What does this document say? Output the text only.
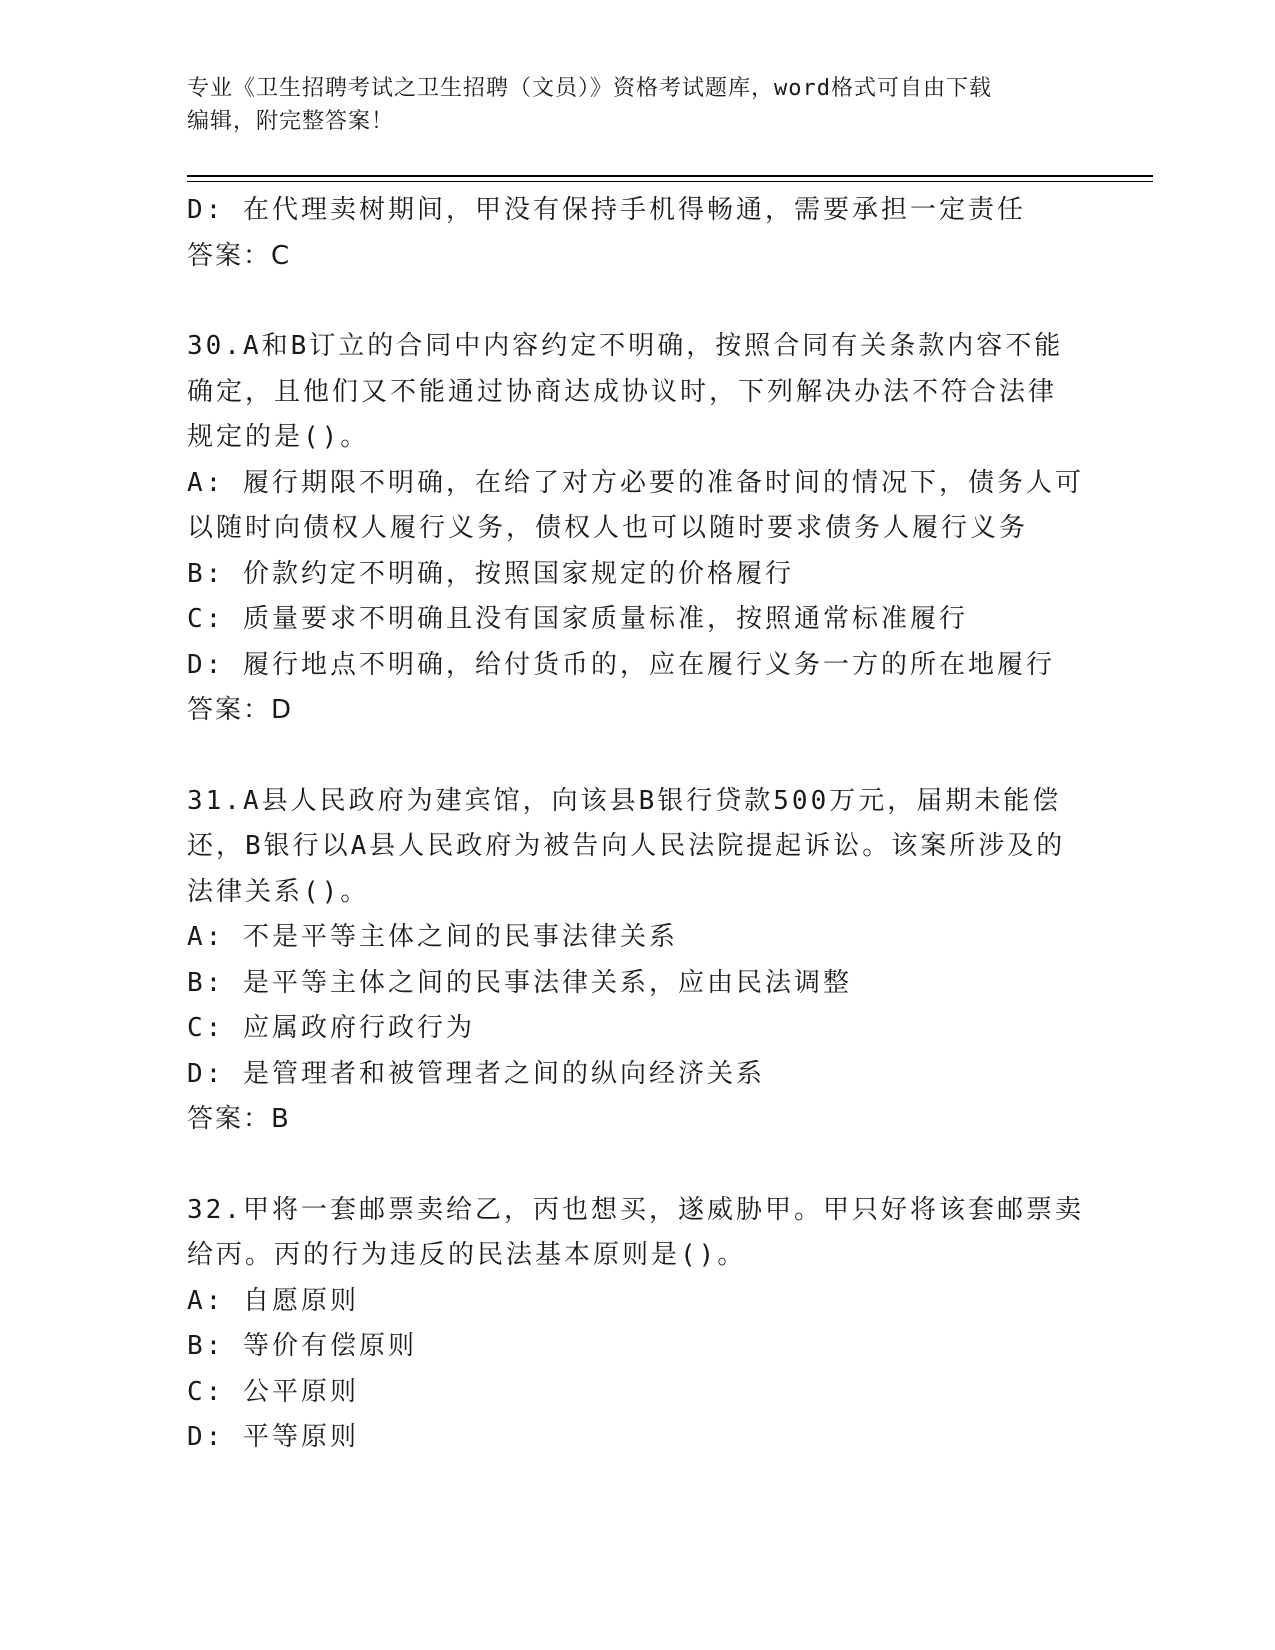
专业《卫生招聘考试之卫生招聘（文员）》资格考试题库，word格式可自由下载
编辑，附完整答案！
D: 在代理卖树期间，甲没有保持手机得畅通，需要承担一定责任
答案：C
30.A和B订立的合同中内容约定不明确，按照合同有关条款内容不能
确定，且他们又不能通过协商达成协议时，下列解决办法不符合法律
规定的是()。
A: 履行期限不明确，在给了对方必要的准备时间的情况下，债务人可
以随时向债权人履行义务，债权人也可以随时要求债务人履行义务
B: 价款约定不明确，按照国家规定的价格履行
C: 质量要求不明确且没有国家质量标准，按照通常标准履行
D: 履行地点不明确，给付货币的，应在履行义务一方的所在地履行
答案：D
31.A县人民政府为建宾馆，向该县B银行贷款500万元，届期未能偿
还，B银行以A县人民政府为被告向人民法院提起诉讼。该案所涉及的
法律关系()。
A: 不是平等主体之间的民事法律关系
B: 是平等主体之间的民事法律关系，应由民法调整
C: 应属政府行政行为
D: 是管理者和被管理者之间的纵向经济关系
答案：B
32.甲将一套邮票卖给乙，丙也想买，遂威胁甲。甲只好将该套邮票卖
给丙。丙的行为违反的民法基本原则是()。
A: 自愿原则
B: 等价有偿原则
C: 公平原则
D: 平等原则
